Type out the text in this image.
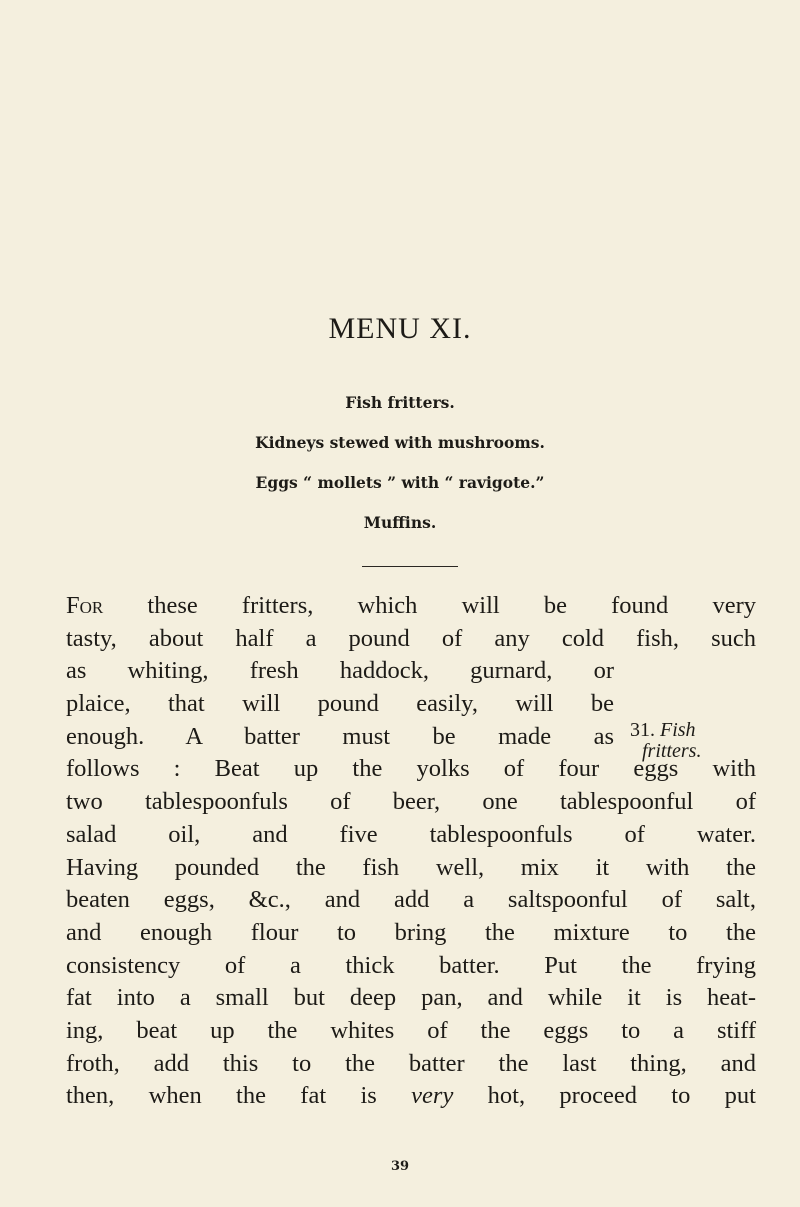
MENU XI.
Fish fritters.
Kidneys stewed with mushrooms.
Eggs “ mollets ” with “ ravigote.”
Muffins.
For these fritters, which will be found very
tasty, about half a pound of any cold fish, such
as whiting, fresh haddock, gurnard, or
plaice, that will pound easily, will be
enough. A batter must be made as
follows : Beat up the yolks of four eggs with
two tablespoonfuls of beer, one tablespoonful of
salad oil, and five tablespoonfuls of water.
Having pounded the fish well, mix it with the
beaten eggs, &c., and add a saltspoonful of salt,
and enough flour to bring the mixture to the
consistency of a thick batter. Put the frying
fat into a small but deep pan, and while it is heat-
ing, beat up the whites of the eggs to a stiff
froth, add this to the batter the last thing, and
then, when the fat is very hot, proceed to put
31. Fish
fritters.
39
